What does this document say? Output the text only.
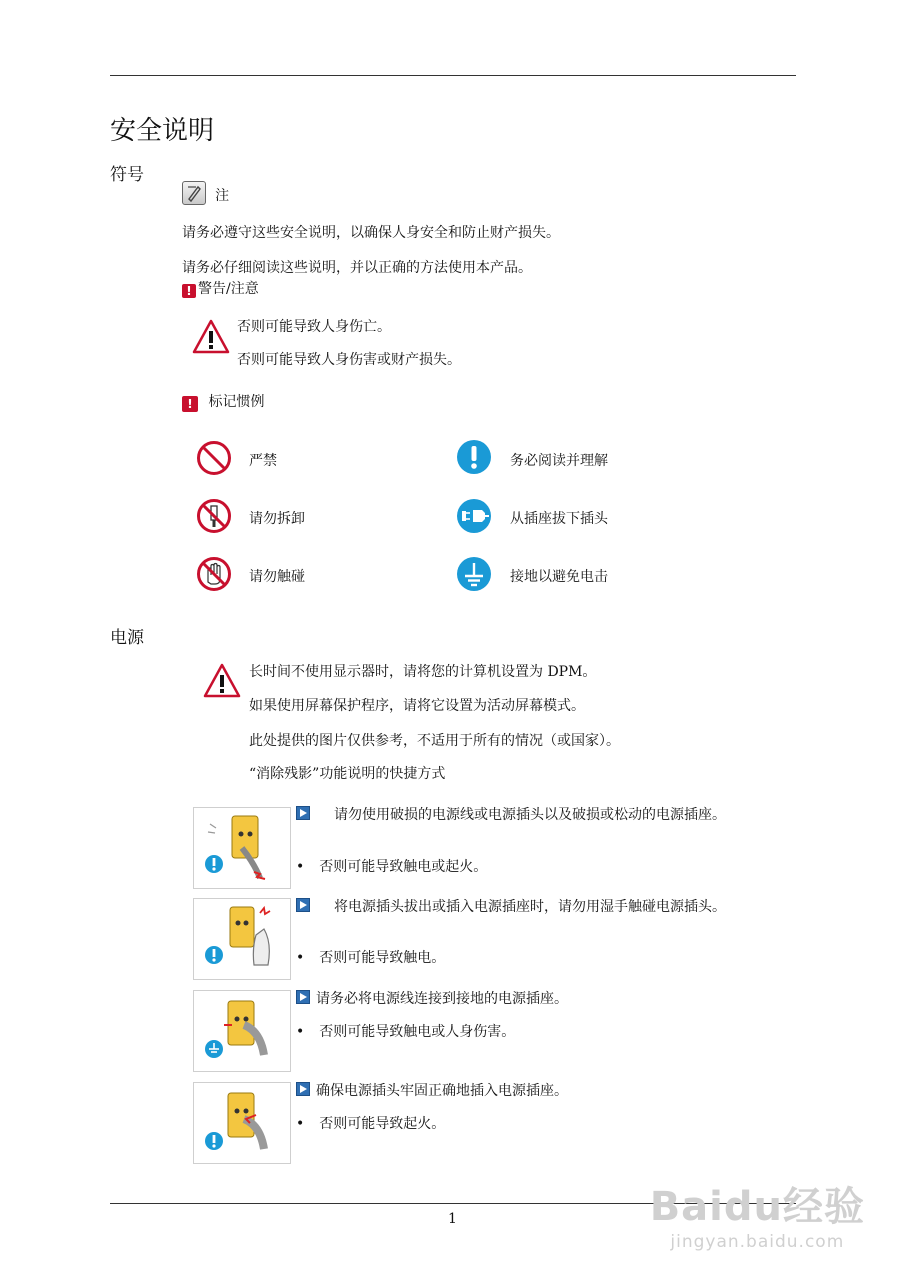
安全说明
符号
注
请务必遵守这些安全说明，以确保人身安全和防止财产损失。
请务必仔细阅读这些说明，并以正确的方法使用本产品。
! 警告/注意
否则可能导致人身伤亡。
否则可能导致人身伤害或财产损失。
! 标记惯例
严禁	务必阅读并理解
请勿拆卸	从插座拔下插头
请勿触碰	接地以避免电击
电源
长时间不使用显示器时，请将您的计算机设置为 DPM。
如果使用屏幕保护程序，请将它设置为活动屏幕模式。
此处提供的图片仅供参考，不适用于所有的情况（或国家）。
“消除残影”功能说明的快捷方式
请勿使用破损的电源线或电源插头以及破损或松动的电源插座。
• 否则可能导致触电或起火。
将电源插头拔出或插入电源插座时，请勿用湿手触碰电源插头。
• 否则可能导致触电。
请务必将电源线连接到接地的电源插座。
• 否则可能导致触电或人身伤害。
确保电源插头牢固正确地插入电源插座。
• 否则可能导致起火。
1	Baidu经验
jingyan.baidu.com
